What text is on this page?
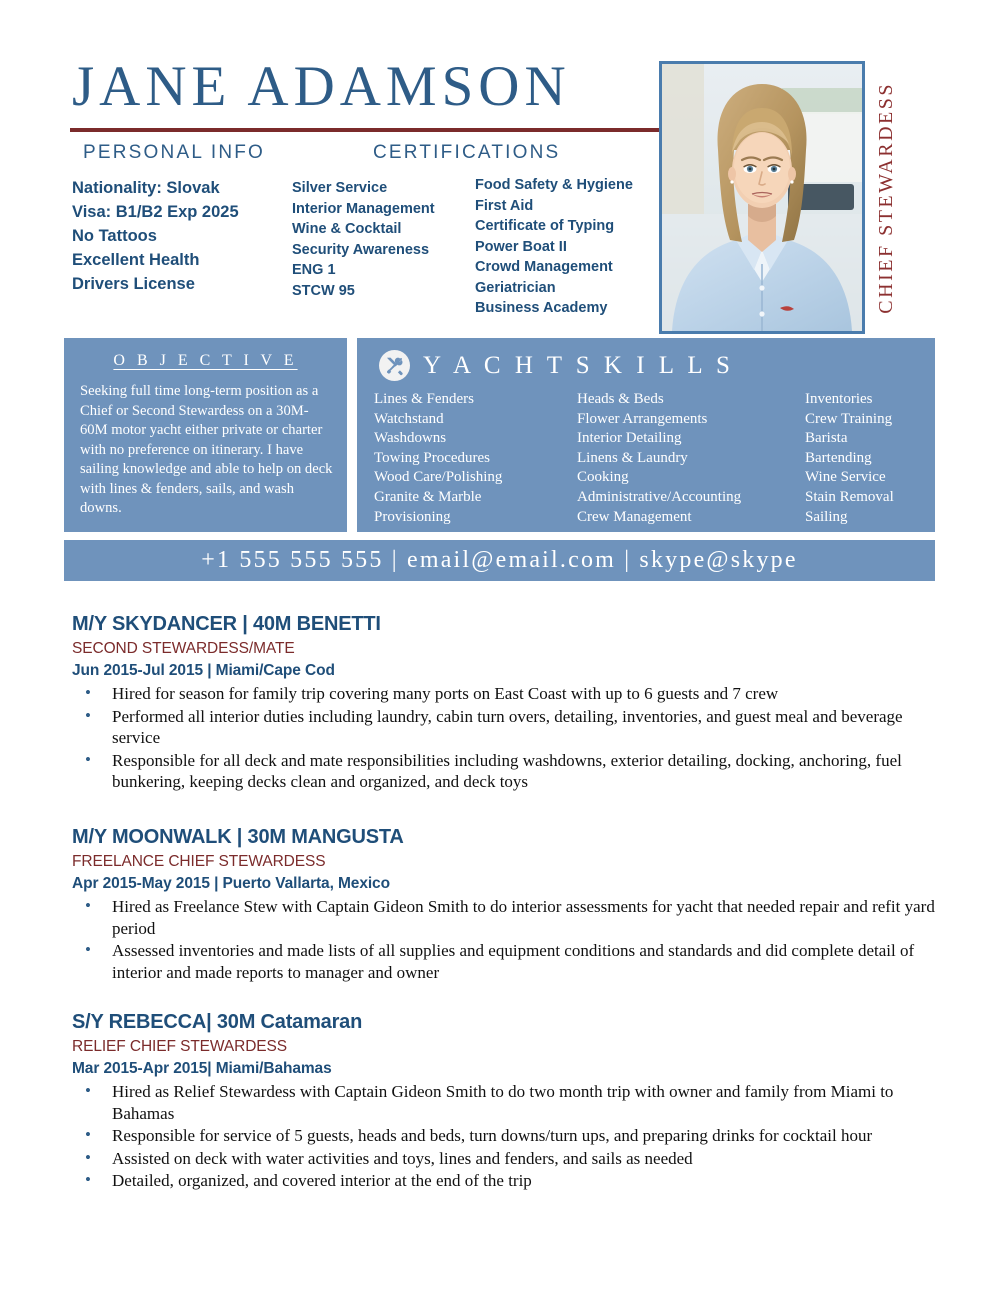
JANE ADAMSON	CHIEF STEWARDESS
PERSONAL INFO	CERTIFICATIONS
Nationality: Slovak
Visa: B1/B2 Exp 2025
No Tattoos
Excellent Health
Drivers License
Silver Service
Interior Management
Wine & Cocktail
Security Awareness
ENG 1
STCW 95
Food Safety & Hygiene
First Aid
Certificate of Typing
Power Boat II
Crowd Management
Geriatrician
Business Academy
O B J E C T I V E
Seeking full time long-term position as a Chief or Second Stewardess on a 30M-60M motor yacht either private or charter with no preference on itinerary. I have sailing knowledge and able to help on deck with lines & fenders, sails, and wash downs.
Y A C H T S K I L L S
Lines & Fenders
Watchstand
Washdowns
Towing Procedures
Wood Care/Polishing
Granite & Marble
Provisioning
Heads & Beds
Flower Arrangements
Interior Detailing
Linens & Laundry
Cooking
Administrative/Accounting
Crew Management
Inventories
Crew Training
Barista
Bartending
Wine Service
Stain Removal
Sailing
+1 555 555 555 | email@email.com | skype@skype
M/Y SKYDANCER | 40M BENETTI
SECOND STEWARDESS/MATE
Jun 2015-Jul 2015 | Miami/Cape Cod
• Hired for season for family trip covering many ports on East Coast with up to 6 guests and 7 crew
• Performed all interior duties including laundry, cabin turn overs, detailing, inventories, and guest meal and beverage service
• Responsible for all deck and mate responsibilities including washdowns, exterior detailing, docking, anchoring, fuel bunkering, keeping decks clean and organized, and deck toys
M/Y MOONWALK | 30M MANGUSTA
FREELANCE CHIEF STEWARDESS
Apr 2015-May 2015 | Puerto Vallarta, Mexico
• Hired as Freelance Stew with Captain Gideon Smith to do interior assessments for yacht that needed repair and refit yard period
• Assessed inventories and made lists of all supplies and equipment conditions and standards and did complete detail of interior and made reports to manager and owner
S/Y REBECCA| 30M Catamaran
RELIEF CHIEF STEWARDESS
Mar 2015-Apr 2015| Miami/Bahamas
• Hired as Relief Stewardess with Captain Gideon Smith to do two month trip with owner and family from Miami to Bahamas
• Responsible for service of 5 guests, heads and beds, turn downs/turn ups, and preparing drinks for cocktail hour
• Assisted on deck with water activities and toys, lines and fenders, and sails as needed
• Detailed, organized, and covered interior at the end of the trip
